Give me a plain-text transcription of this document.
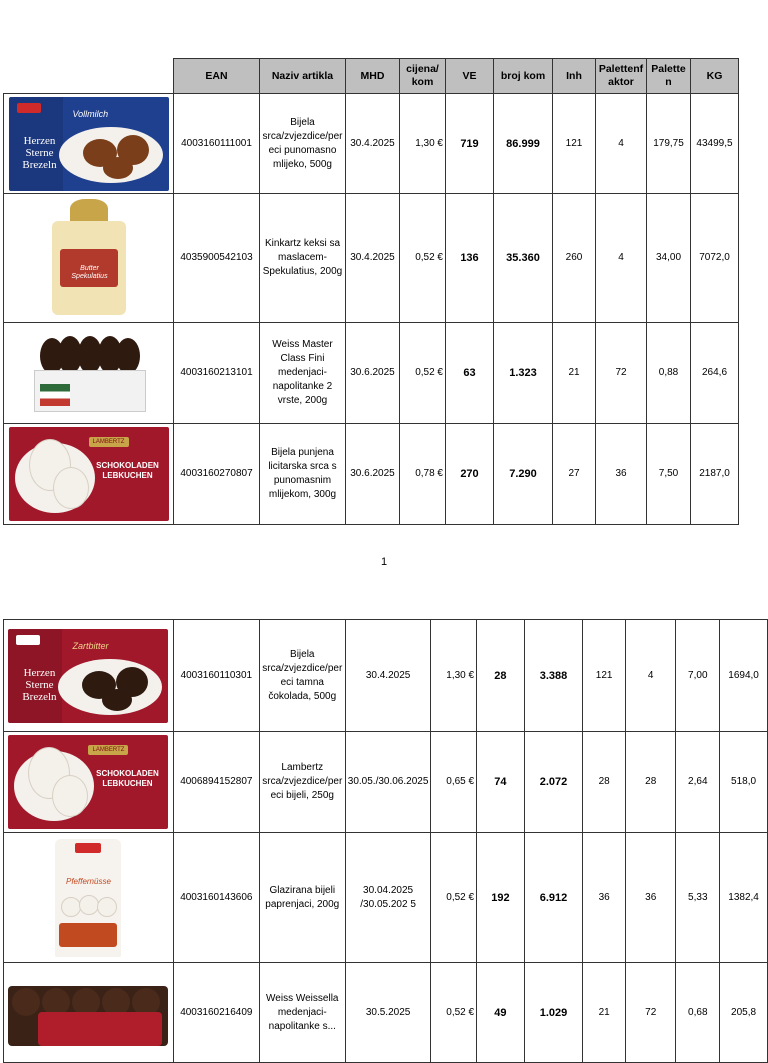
	EAN	Naziv artikla	MHD	cijena/ kom	VE	broj kom	Inh	Palettenf aktor	Palette n	KG

Herzen Sterne Brezeln
Vollmilch	4003160111001	Bijela srca/zvjezdice/per eci punomasno mlijeko, 500g	30.4.2025	1,30 €	719	86.999	121	4	179,75	43499,5

Butter Spekulatius	4035900542103	Kinkartz keksi sa maslacem-Spekulatius, 200g	30.4.2025	0,52 €	136	35.360	260	4	34,00	7072,0

	4003160213101	Weiss Master Class Fini medenjaci-napolitanke 2 vrste, 200g	30.6.2025	0,52 €	63	1.323	21	72	0,88	264,6

LAMBERTZ
SCHOKOLADEN LEBKUCHEN	4003160270807	Bijela punjena licitarska srca s punomasnim mlijekom, 300g	30.6.2025	0,78 €	270	7.290	27	36	7,50	2187,0
1
Herzen Sterne Brezeln
Zartbitter	4003160110301	Bijela srca/zvjezdice/per eci tamna čokolada, 500g	30.4.2025	1,30 €	28	3.388	121	4	7,00	1694,0

LAMBERTZ
SCHOKOLADEN LEBKUCHEN	4006894152807	Lambertz srca/zvjezdice/per eci bijeli, 250g	30.05./30.06.2025	0,65 €	74	2.072	28	28	2,64	518,0

Pfeffernüsse	4003160143606	Glazirana bijeli paprenjaci, 200g	30.04.2025 /30.05.202 5	0,52 €	192	6.912	36	36	5,33	1382,4

	4003160216409	Weiss Weissella medenjaci-napolitanke s...	30.5.2025	0,52 €	49	1.029	21	72	0,68	205,8
